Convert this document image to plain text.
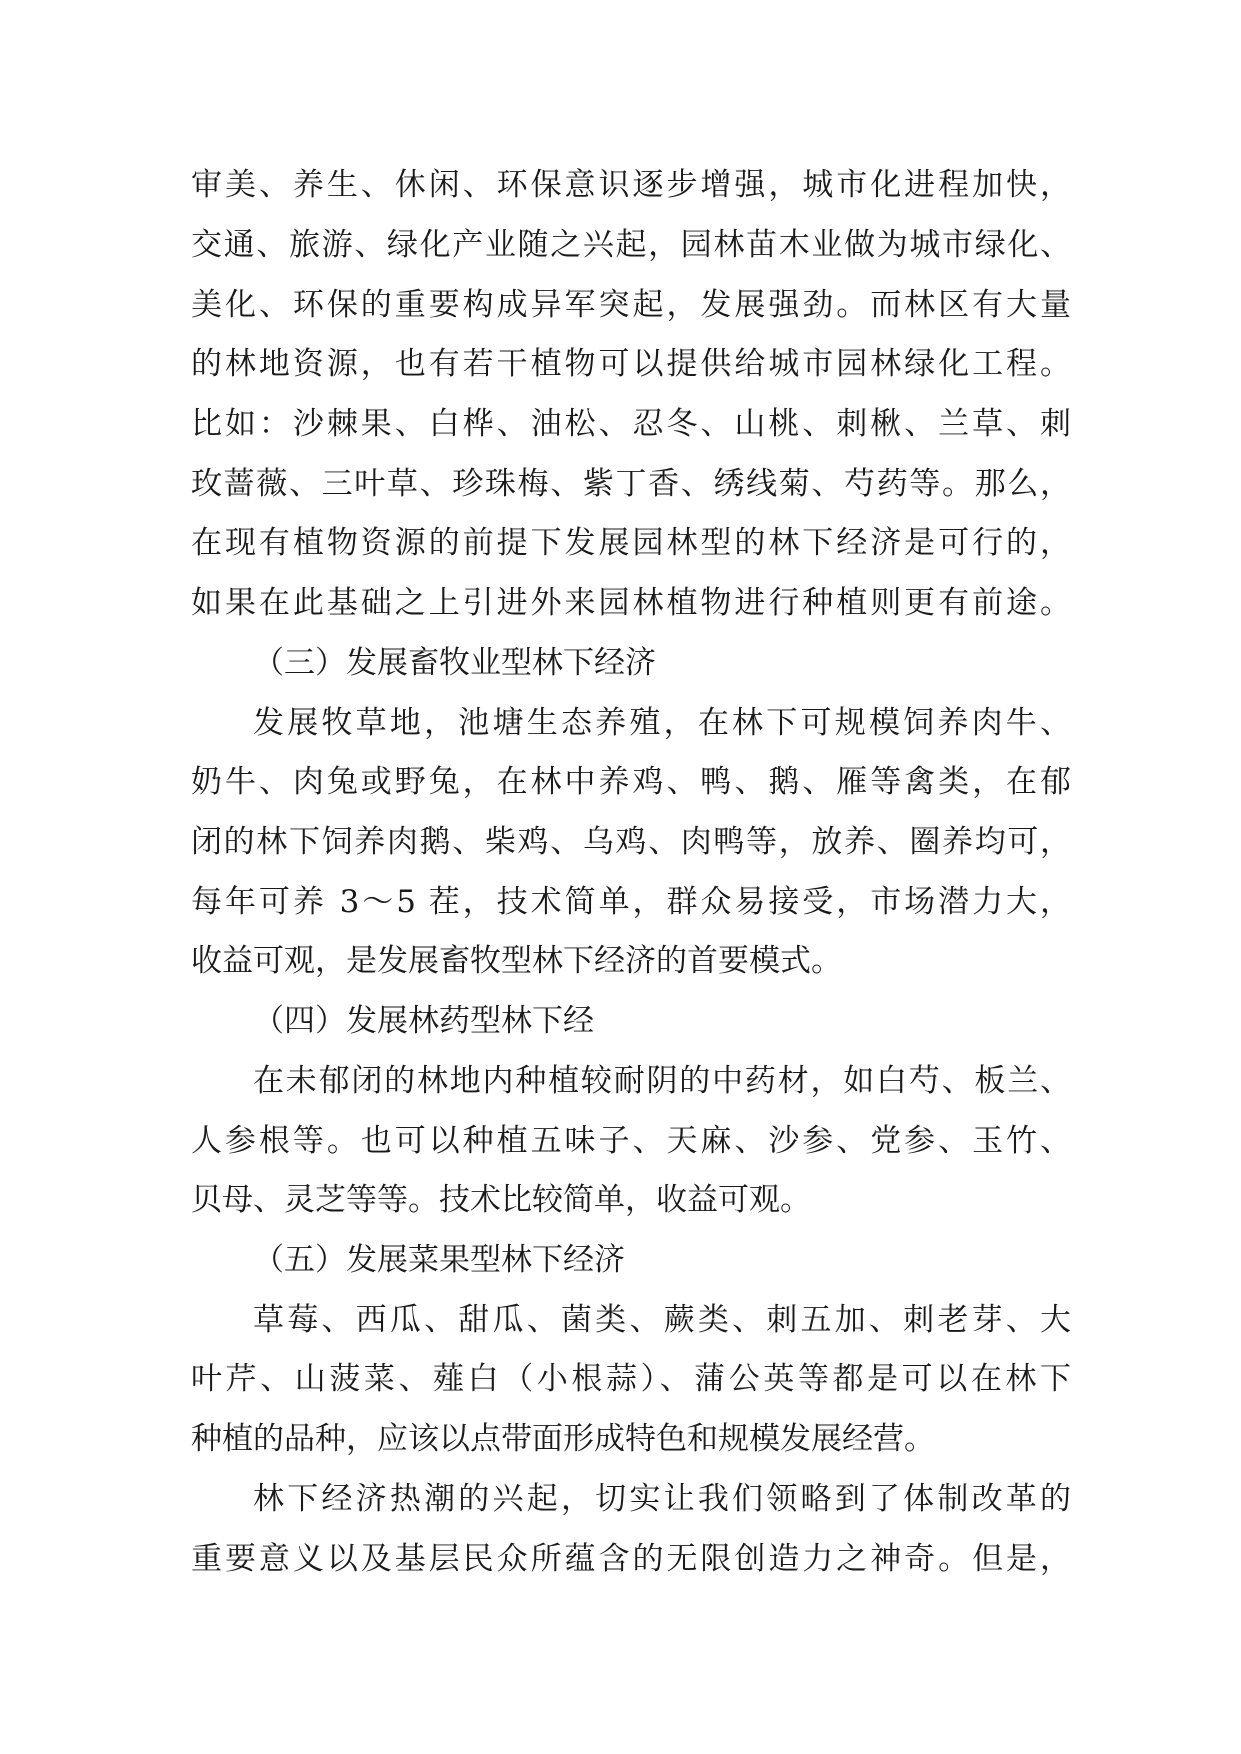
审美、养生、休闲、环保意识逐步增强，城市化进程加快，
交通、旅游、绿化产业随之兴起，园林苗木业做为城市绿化、
美化、环保的重要构成异军突起，发展强劲。而林区有大量
的林地资源，也有若干植物可以提供给城市园林绿化工程。
比如：沙棘果、白桦、油松、忍冬、山桃、刺楸、兰草、刺
玫蔷薇、三叶草、珍珠梅、紫丁香、绣线菊、芍药等。那么，
在现有植物资源的前提下发展园林型的林下经济是可行的，
如果在此基础之上引进外来园林植物进行种植则更有前途。
（三）发展畜牧业型林下经济
发展牧草地，池塘生态养殖，在林下可规模饲养肉牛、
奶牛、肉兔或野兔，在林中养鸡、鸭、鹅、雁等禽类，在郁
闭的林下饲养肉鹅、柴鸡、乌鸡、肉鸭等，放养、圈养均可，
每年可养 3～5 茬，技术简单，群众易接受，市场潜力大，
收益可观，是发展畜牧型林下经济的首要模式。
（四）发展林药型林下经
在未郁闭的林地内种植较耐阴的中药材，如白芍、板兰、
人参根等。也可以种植五味子、天麻、沙参、党参、玉竹、
贝母、灵芝等等。技术比较简单，收益可观。
（五）发展菜果型林下经济
草莓、西瓜、甜瓜、菌类、蕨类、刺五加、刺老芽、大
叶芹、山菠菜、薤白（小根蒜）、蒲公英等都是可以在林下
种植的品种，应该以点带面形成特色和规模发展经营。
林下经济热潮的兴起，切实让我们领略到了体制改革的
重要意义以及基层民众所蕴含的无限创造力之神奇。但是，
